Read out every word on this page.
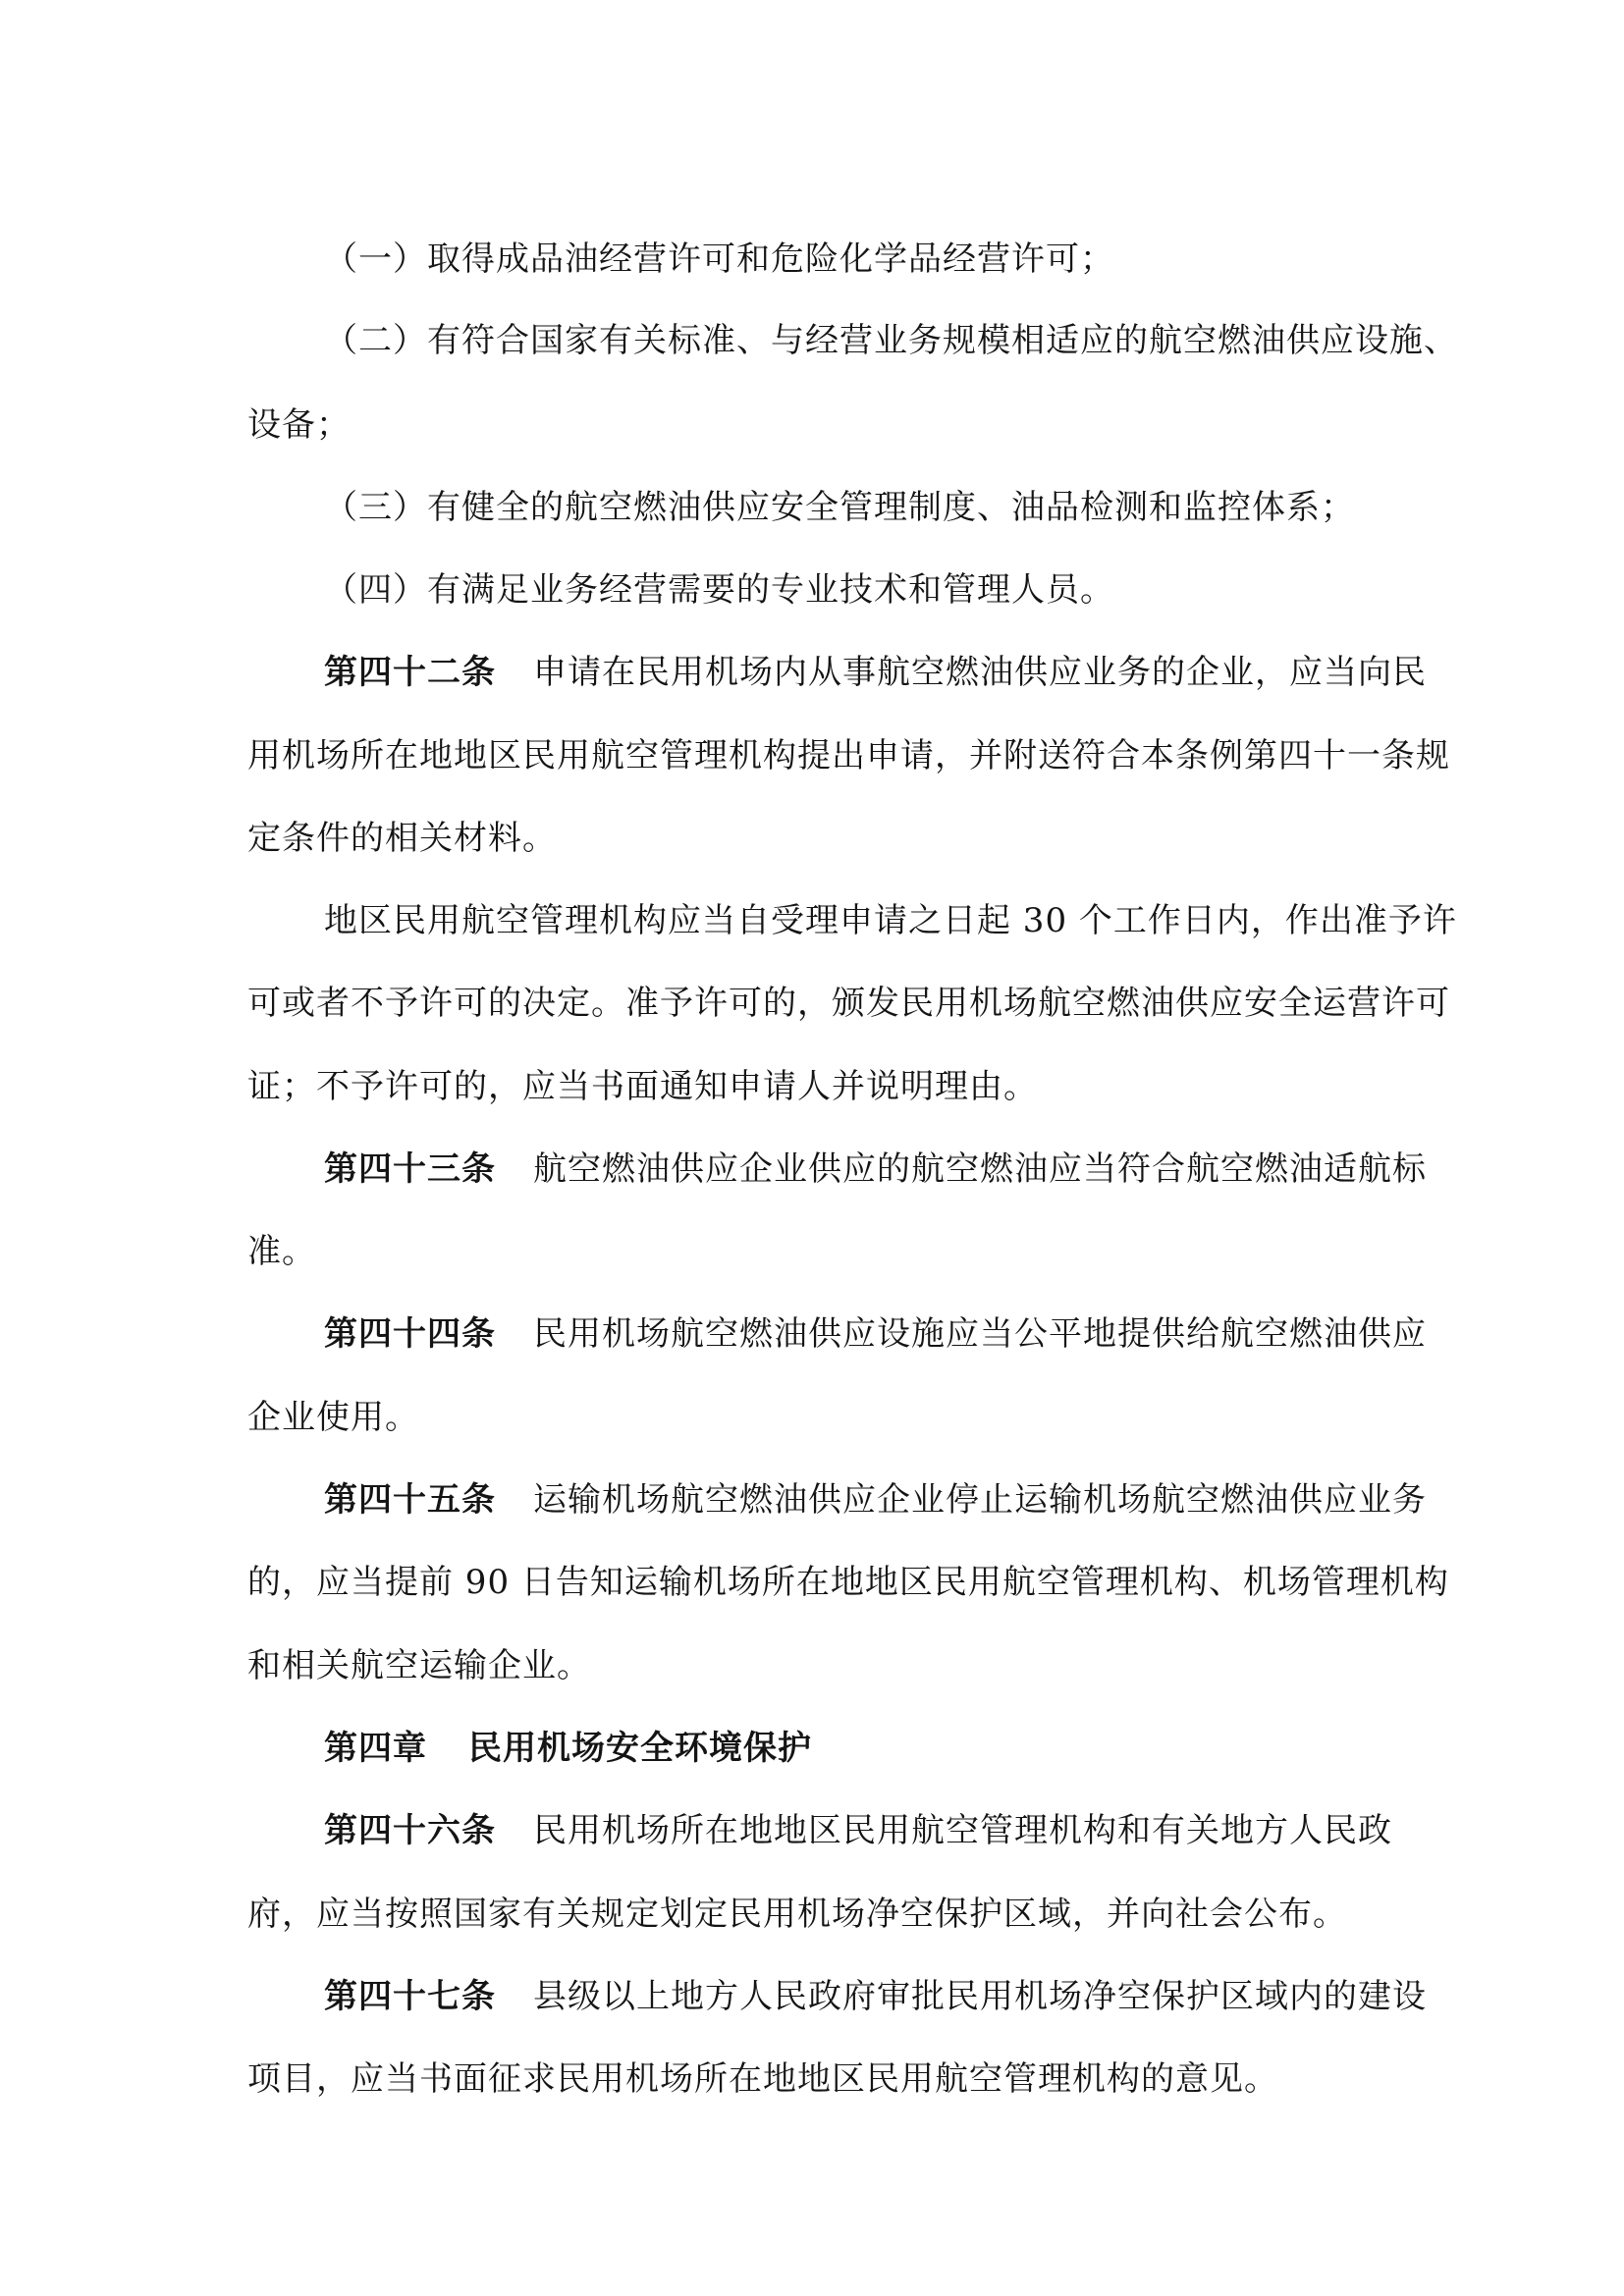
（一）取得成品油经营许可和危险化学品经营许可；
（二）有符合国家有关标准、与经营业务规模相适应的航空燃油供应设施、
设备；
（三）有健全的航空燃油供应安全管理制度、油品检测和监控体系；
（四）有满足业务经营需要的专业技术和管理人员。
第四十二条 申请在民用机场内从事航空燃油供应业务的企业，应当向民
用机场所在地地区民用航空管理机构提出申请，并附送符合本条例第四十一条规
定条件的相关材料。
地区民用航空管理机构应当自受理申请之日起 30 个工作日内，作出准予许
可或者不予许可的决定。准予许可的，颁发民用机场航空燃油供应安全运营许可
证；不予许可的，应当书面通知申请人并说明理由。
第四十三条 航空燃油供应企业供应的航空燃油应当符合航空燃油适航标
准。
第四十四条 民用机场航空燃油供应设施应当公平地提供给航空燃油供应
企业使用。
第四十五条 运输机场航空燃油供应企业停止运输机场航空燃油供应业务
的，应当提前 90 日告知运输机场所在地地区民用航空管理机构、机场管理机构
和相关航空运输企业。
第四章 民用机场安全环境保护
第四十六条 民用机场所在地地区民用航空管理机构和有关地方人民政
府，应当按照国家有关规定划定民用机场净空保护区域，并向社会公布。
第四十七条 县级以上地方人民政府审批民用机场净空保护区域内的建设
项目，应当书面征求民用机场所在地地区民用航空管理机构的意见。
